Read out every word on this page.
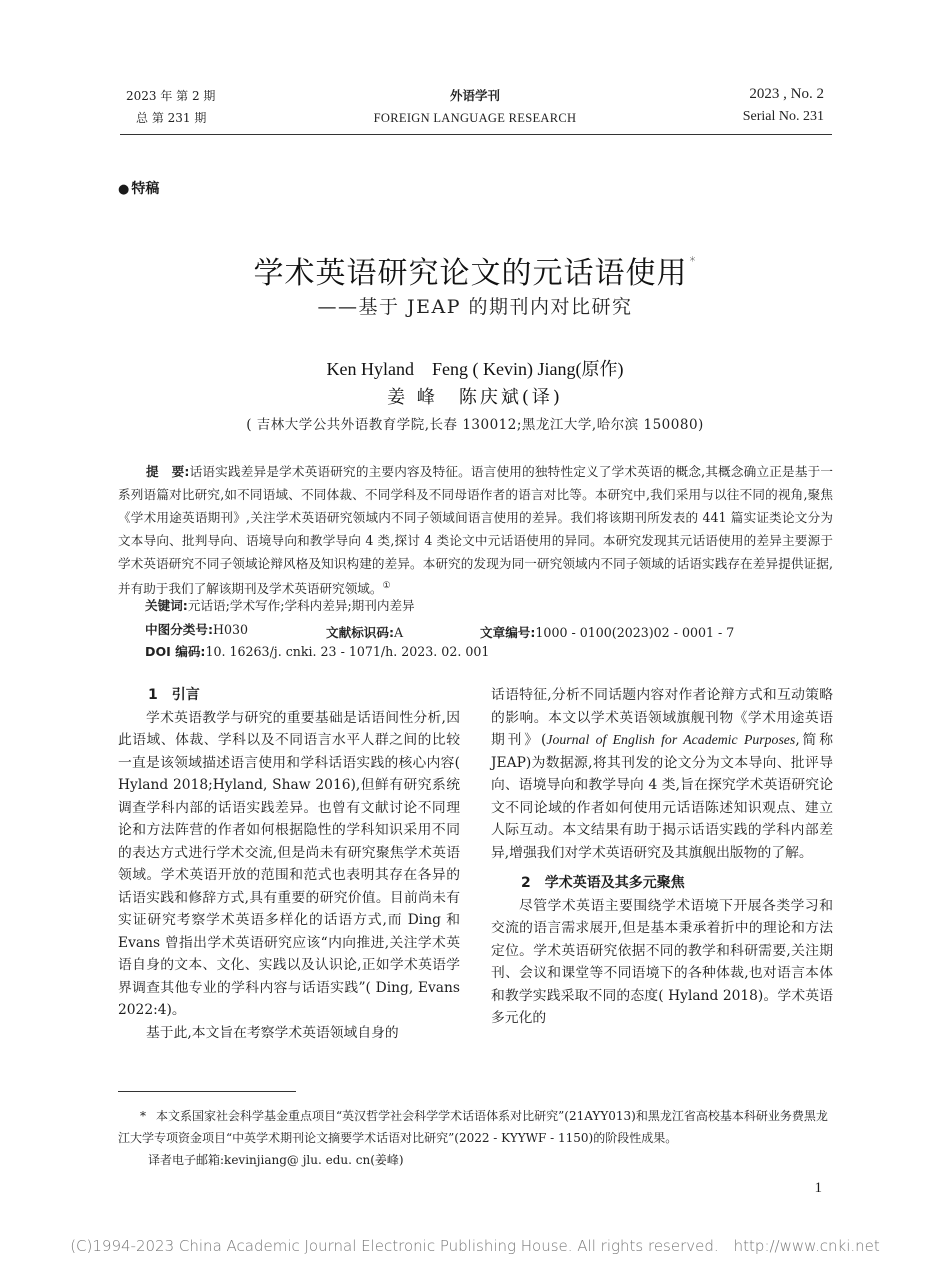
2023 年 第 2 期
总 第 231 期
外语学刊
FOREIGN LANGUAGE RESEARCH
2023 , No. 2
Serial No. 231
● 特稿
学术英语研究论文的元话语使用 *
——基于 JEAP 的期刊内对比研究
Ken Hyland　Feng ( Kevin) Jiang(原作)
姜 峰　陈庆斌(译)
( 吉林大学公共外语教育学院,长春 130012;黑龙江大学,哈尔滨 150080)
提　要:话语实践差异是学术英语研究的主要内容及特征。语言使用的独特性定义了学术英语的概念,其概念确立正是基于一系列语篇对比研究,如不同语域、不同体裁、不同学科及不同母语作者的语言对比等。本研究中,我们采用与以往不同的视角,聚焦《学术用途英语期刊》,关注学术英语研究领域内不同子领域间语言使用的差异。我们将该期刊所发表的 441 篇实证类论文分为文本导向、批判导向、语境导向和教学导向 4 类,探讨 4 类论文中元话语使用的异同。本研究发现其元话语使用的差异主要源于学术英语研究不同子领域论辩风格及知识构建的差异。本研究的发现为同一研究领域内不同子领域的话语实践存在差异提供证据,并有助于我们了解该期刊及学术英语研究领域。①
关键词:元话语;学术写作;学科内差异;期刊内差异
中图分类号:H030	文献标识码:A	文章编号:1000 - 0100(2023)02 - 0001 - 7
DOI 编码:10. 16263/j. cnki. 23 - 1071/h. 2023. 02. 001
1　引言

学术英语教学与研究的重要基础是话语间性分析,因此语域、体裁、学科以及不同语言水平人群之间的比较一直是该领域描述语言使用和学科话语实践的核心内容( Hyland 2018;Hyland, Shaw 2016),但鲜有研究系统调查学科内部的话语实践差异。也曾有文献讨论不同理论和方法阵营的作者如何根据隐性的学科知识采用不同的表达方式进行学术交流,但是尚未有研究聚焦学术英语领域。学术英语开放的范围和范式也表明其存在各异的话语实践和修辞方式,具有重要的研究价值。目前尚未有实证研究考察学术英语多样化的话语方式,而 Ding 和 Evans 曾指出学术英语研究应该“内向推进,关注学术英语自身的文本、文化、实践以及认识论,正如学术英语学界调查其他专业的学科内容与话语实践”( Ding, Evans 2022:4)。

基于此,本文旨在考察学术英语领域自身的

话语特征,分析不同话题内容对作者论辩方式和互动策略的影响。本文以学术英语领域旗舰刊物《学术用途英语期刊》(Journal of English for Academic Purposes,简称 JEAP)为数据源,将其刊发的论文分为文本导向、批评导向、语境导向和教学导向 4 类,旨在探究学术英语研究论文不同论域的作者如何使用元话语陈述知识观点、建立人际互动。本文结果有助于揭示话语实践的学科内部差异,增强我们对学术英语研究及其旗舰出版物的了解。

2　学术英语及其多元聚焦

尽管学术英语主要围绕学术语境下开展各类学习和交流的语言需求展开,但是基本秉承着折中的理论和方法定位。学术英语研究依据不同的教学和科研需要,关注期刊、会议和课堂等不同语境下的各种体裁,也对语言本体和教学实践采取不同的态度( Hyland 2018)。学术英语多元化的

* 本文系国家社会科学基金重点项目“英汉哲学社会科学学术话语体系对比研究”(21AYY013)和黑龙江省高校基本科研业务费黑龙江大学专项资金项目“中英学术期刊论文摘要学术话语对比研究”(2022 - KYYWF - 1150)的阶段性成果。

译者电子邮箱:kevinjiang@ jlu. edu. cn(姜峰)

1
(C)1994-2023 China Academic Journal Electronic Publishing House. All rights reserved.　http://www.cnki.net
